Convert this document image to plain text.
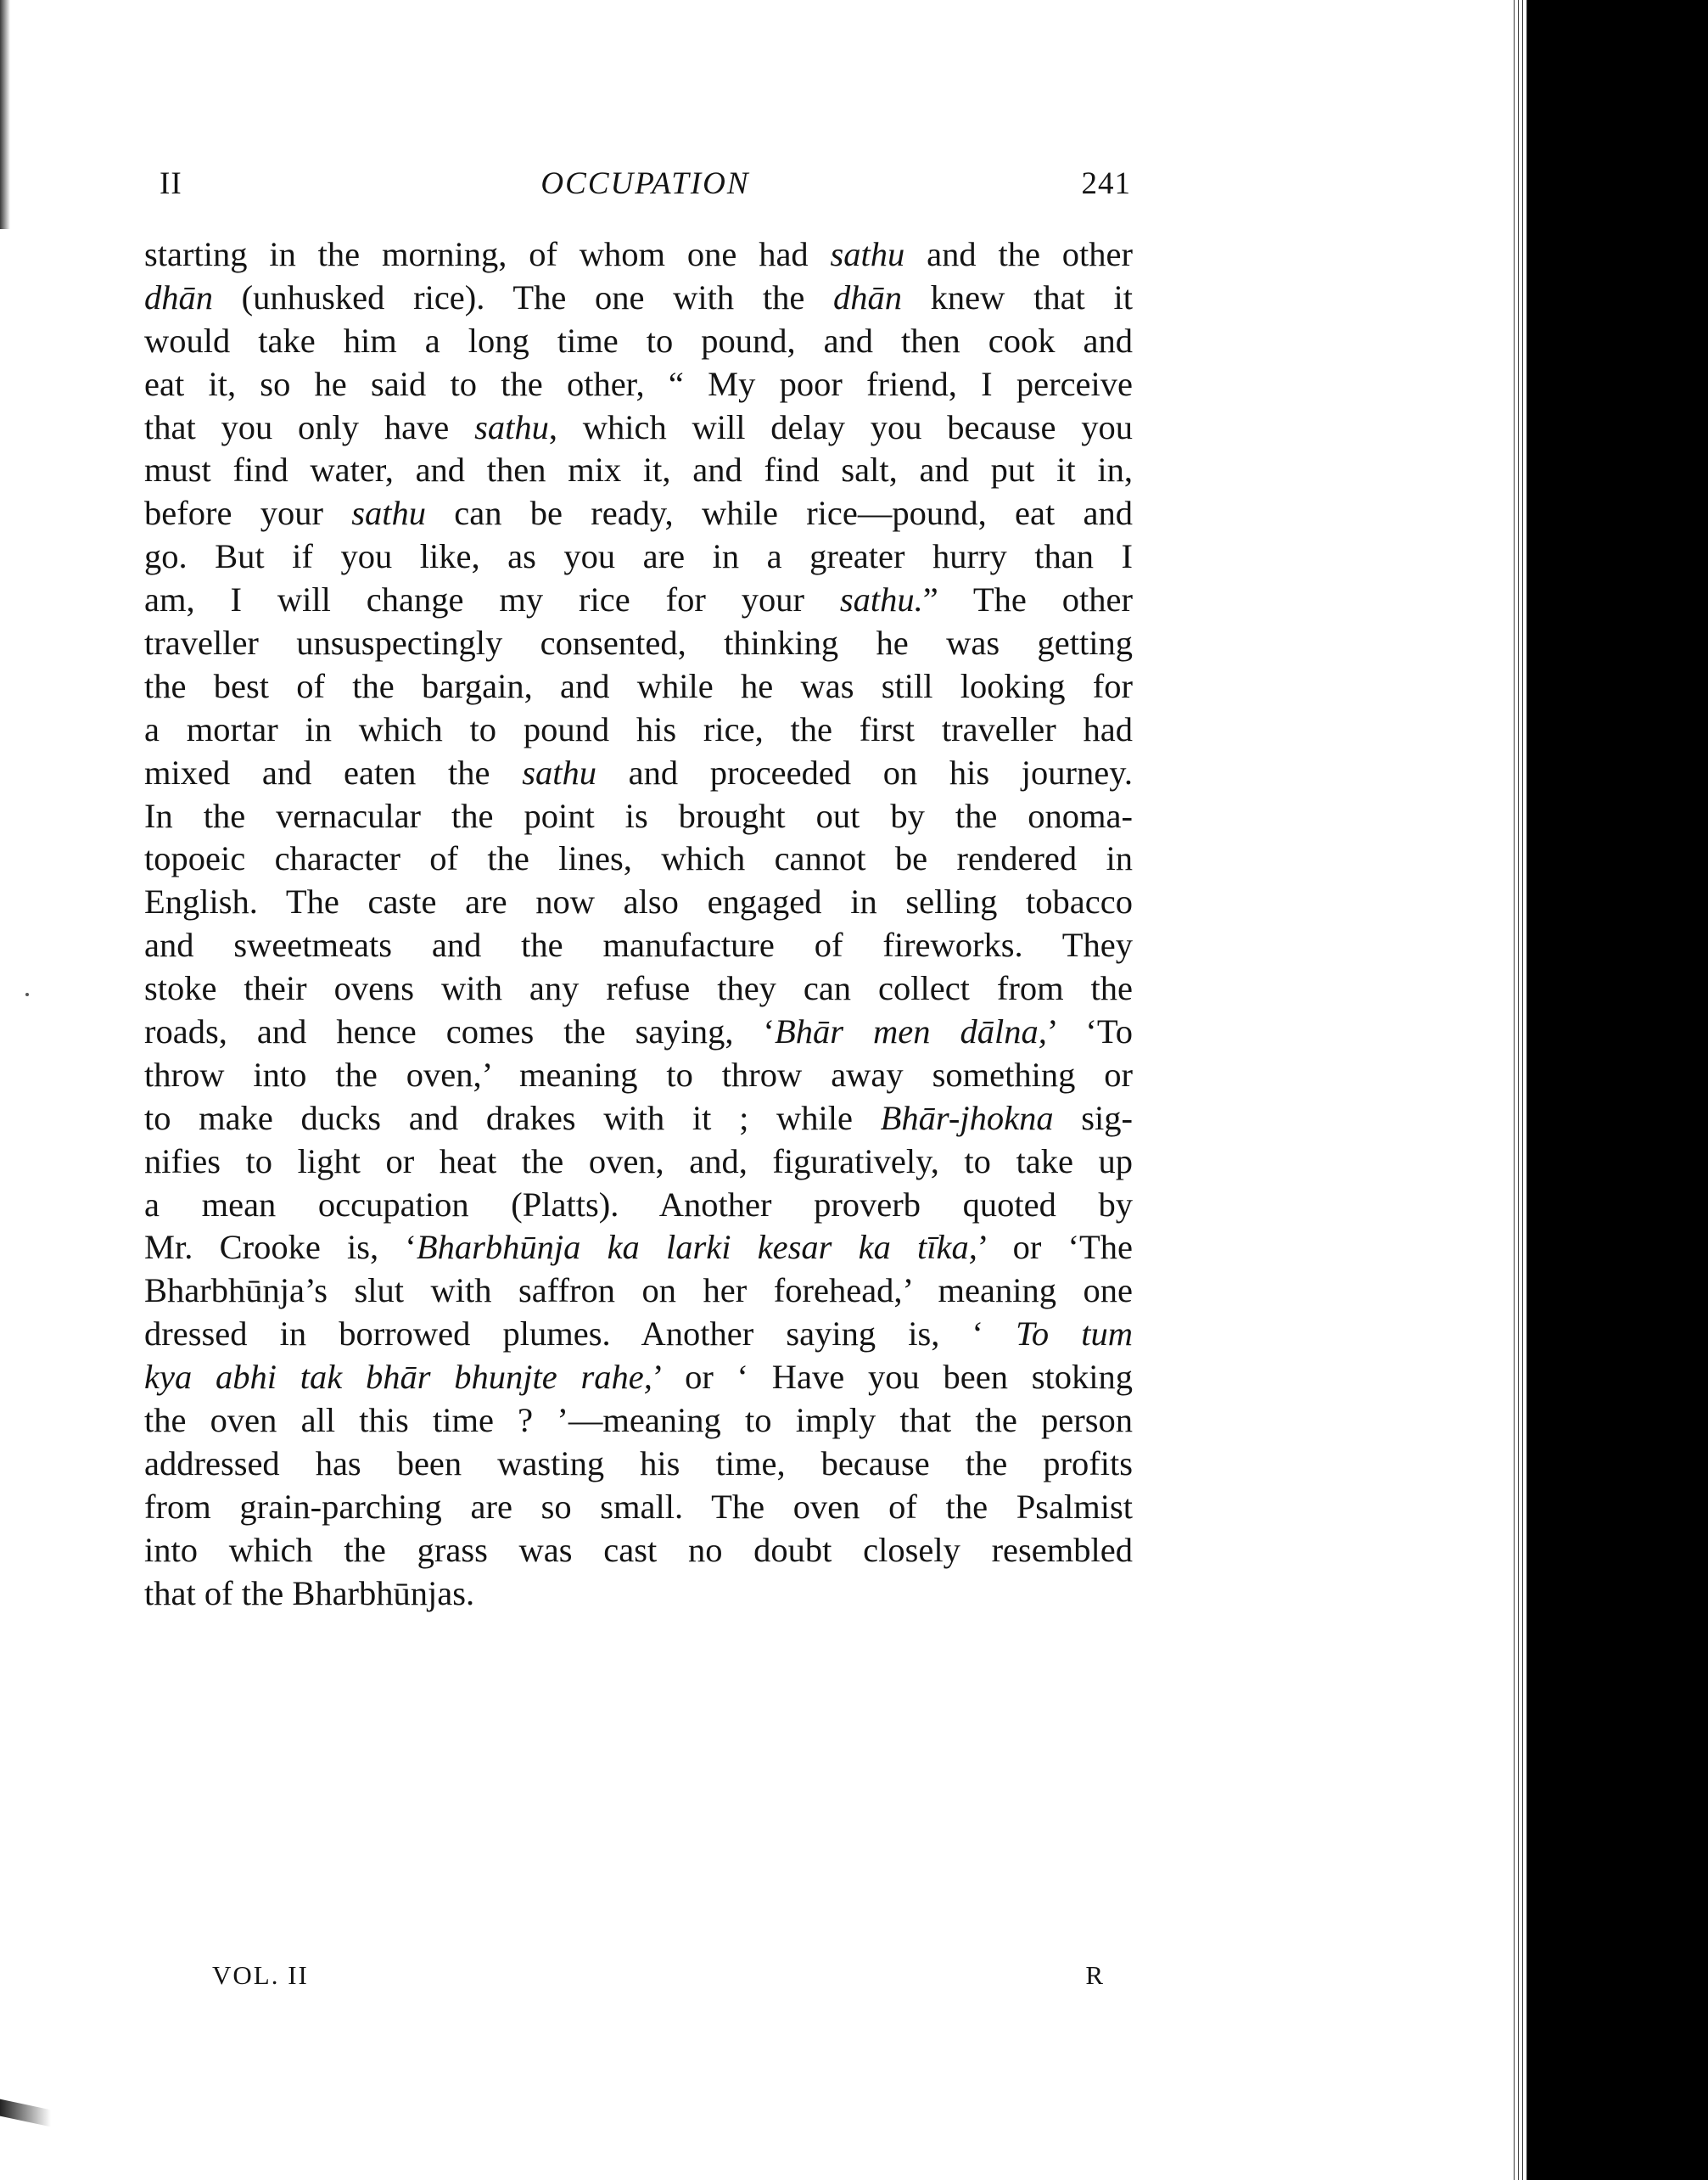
II	OCCUPATION	241
starting in the morning, of whom one had sathu and the other
dhān (unhusked rice). The one with the dhān knew that it
would take him a long time to pound, and then cook and
eat it, so he said to the other, “ My poor friend, I perceive
that you only have sathu, which will delay you because you
must find water, and then mix it, and find salt, and put it in,
before your sathu can be ready, while rice—pound, eat and
go. But if you like, as you are in a greater hurry than I
am, I will change my rice for your sathu.” The other
traveller unsuspectingly consented, thinking he was getting
the best of the bargain, and while he was still looking for
a mortar in which to pound his rice, the first traveller had
mixed and eaten the sathu and proceeded on his journey.
In the vernacular the point is brought out by the onoma-
topoeic character of the lines, which cannot be rendered in
English. The caste are now also engaged in selling tobacco
and sweetmeats and the manufacture of fireworks. They
stoke their ovens with any refuse they can collect from the
roads, and hence comes the saying, ‘Bhār men dālna,’ ‘To
throw into the oven,’ meaning to throw away something or
to make ducks and drakes with it ; while Bhār-jhokna sig-
nifies to light or heat the oven, and, figuratively, to take up
a mean occupation (Platts). Another proverb quoted by
Mr. Crooke is, ‘Bharbhūnja ka larki kesar ka tīka,’ or ‘The
Bharbhūnja’s slut with saffron on her forehead,’ meaning one
dressed in borrowed plumes. Another saying is, ‘ To tum
kya abhi tak bhār bhunjte rahe,’ or ‘ Have you been stoking
the oven all this time ? ’—meaning to imply that the person
addressed has been wasting his time, because the profits
from grain-parching are so small. The oven of the Psalmist
into which the grass was cast no doubt closely resembled
that of the Bharbhūnjas.
VOL. II	R
